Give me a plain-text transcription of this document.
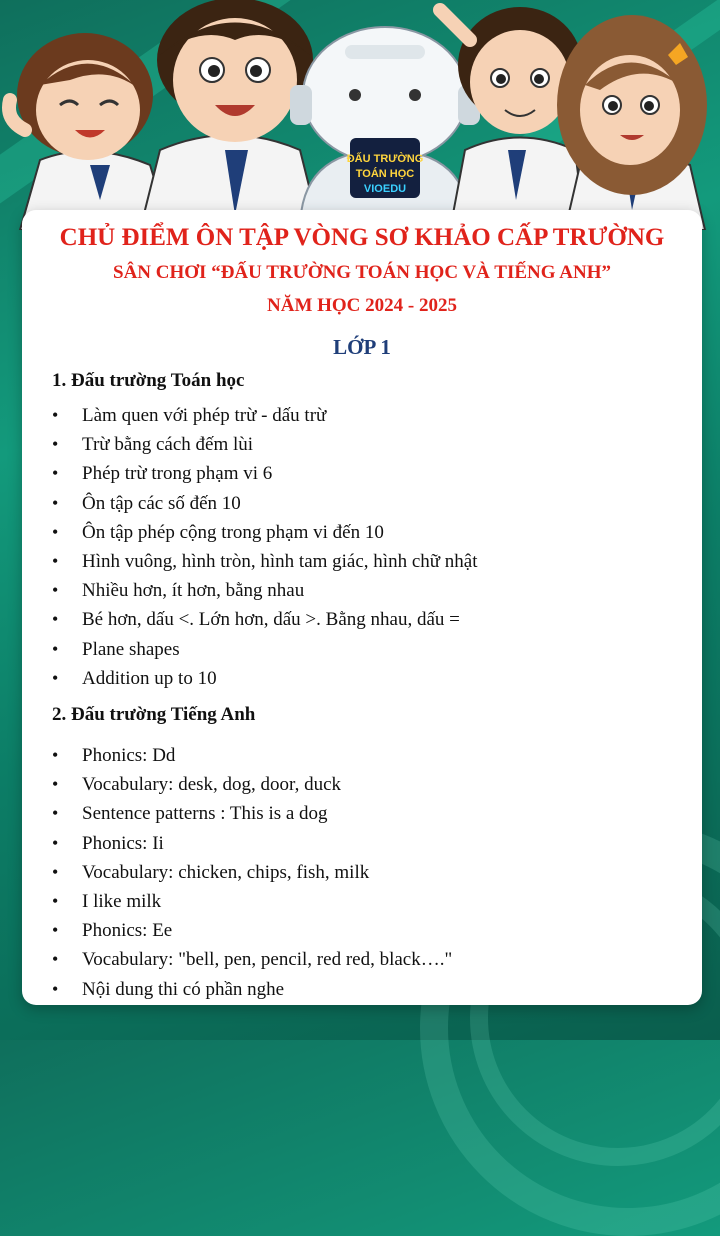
ĐẤU TRƯỜNG
TOÁN HỌC
VIOEDU
CHỦ ĐIỂM ÔN TẬP VÒNG SƠ KHẢO CẤP TRƯỜNG
SÂN CHƠI “ĐẤU TRƯỜNG TOÁN HỌC VÀ TIẾNG ANH”
NĂM HỌC 2024 - 2025
LỚP 1
1. Đấu trường Toán học
• Làm quen với phép trừ - dấu trừ
• Trừ bằng cách đếm lùi
• Phép trừ trong phạm vi 6
• Ôn tập các số đến 10
• Ôn tập phép cộng trong phạm vi đến 10
• Hình vuông, hình tròn, hình tam giác, hình chữ nhật
• Nhiều hơn, ít hơn, bằng nhau
• Bé hơn, dấu <. Lớn hơn, dấu >. Bằng nhau, dấu =
• Plane shapes
• Addition up to 10
2. Đấu trường Tiếng Anh
• Phonics: Dd
• Vocabulary: desk, dog, door, duck
• Sentence patterns : This is a dog
• Phonics: Ii
• Vocabulary: chicken, chips, fish, milk
• I like milk
• Phonics: Ee
• Vocabulary: "bell, pen, pencil, red red, black…."
• Nội dung thi có phần nghe
